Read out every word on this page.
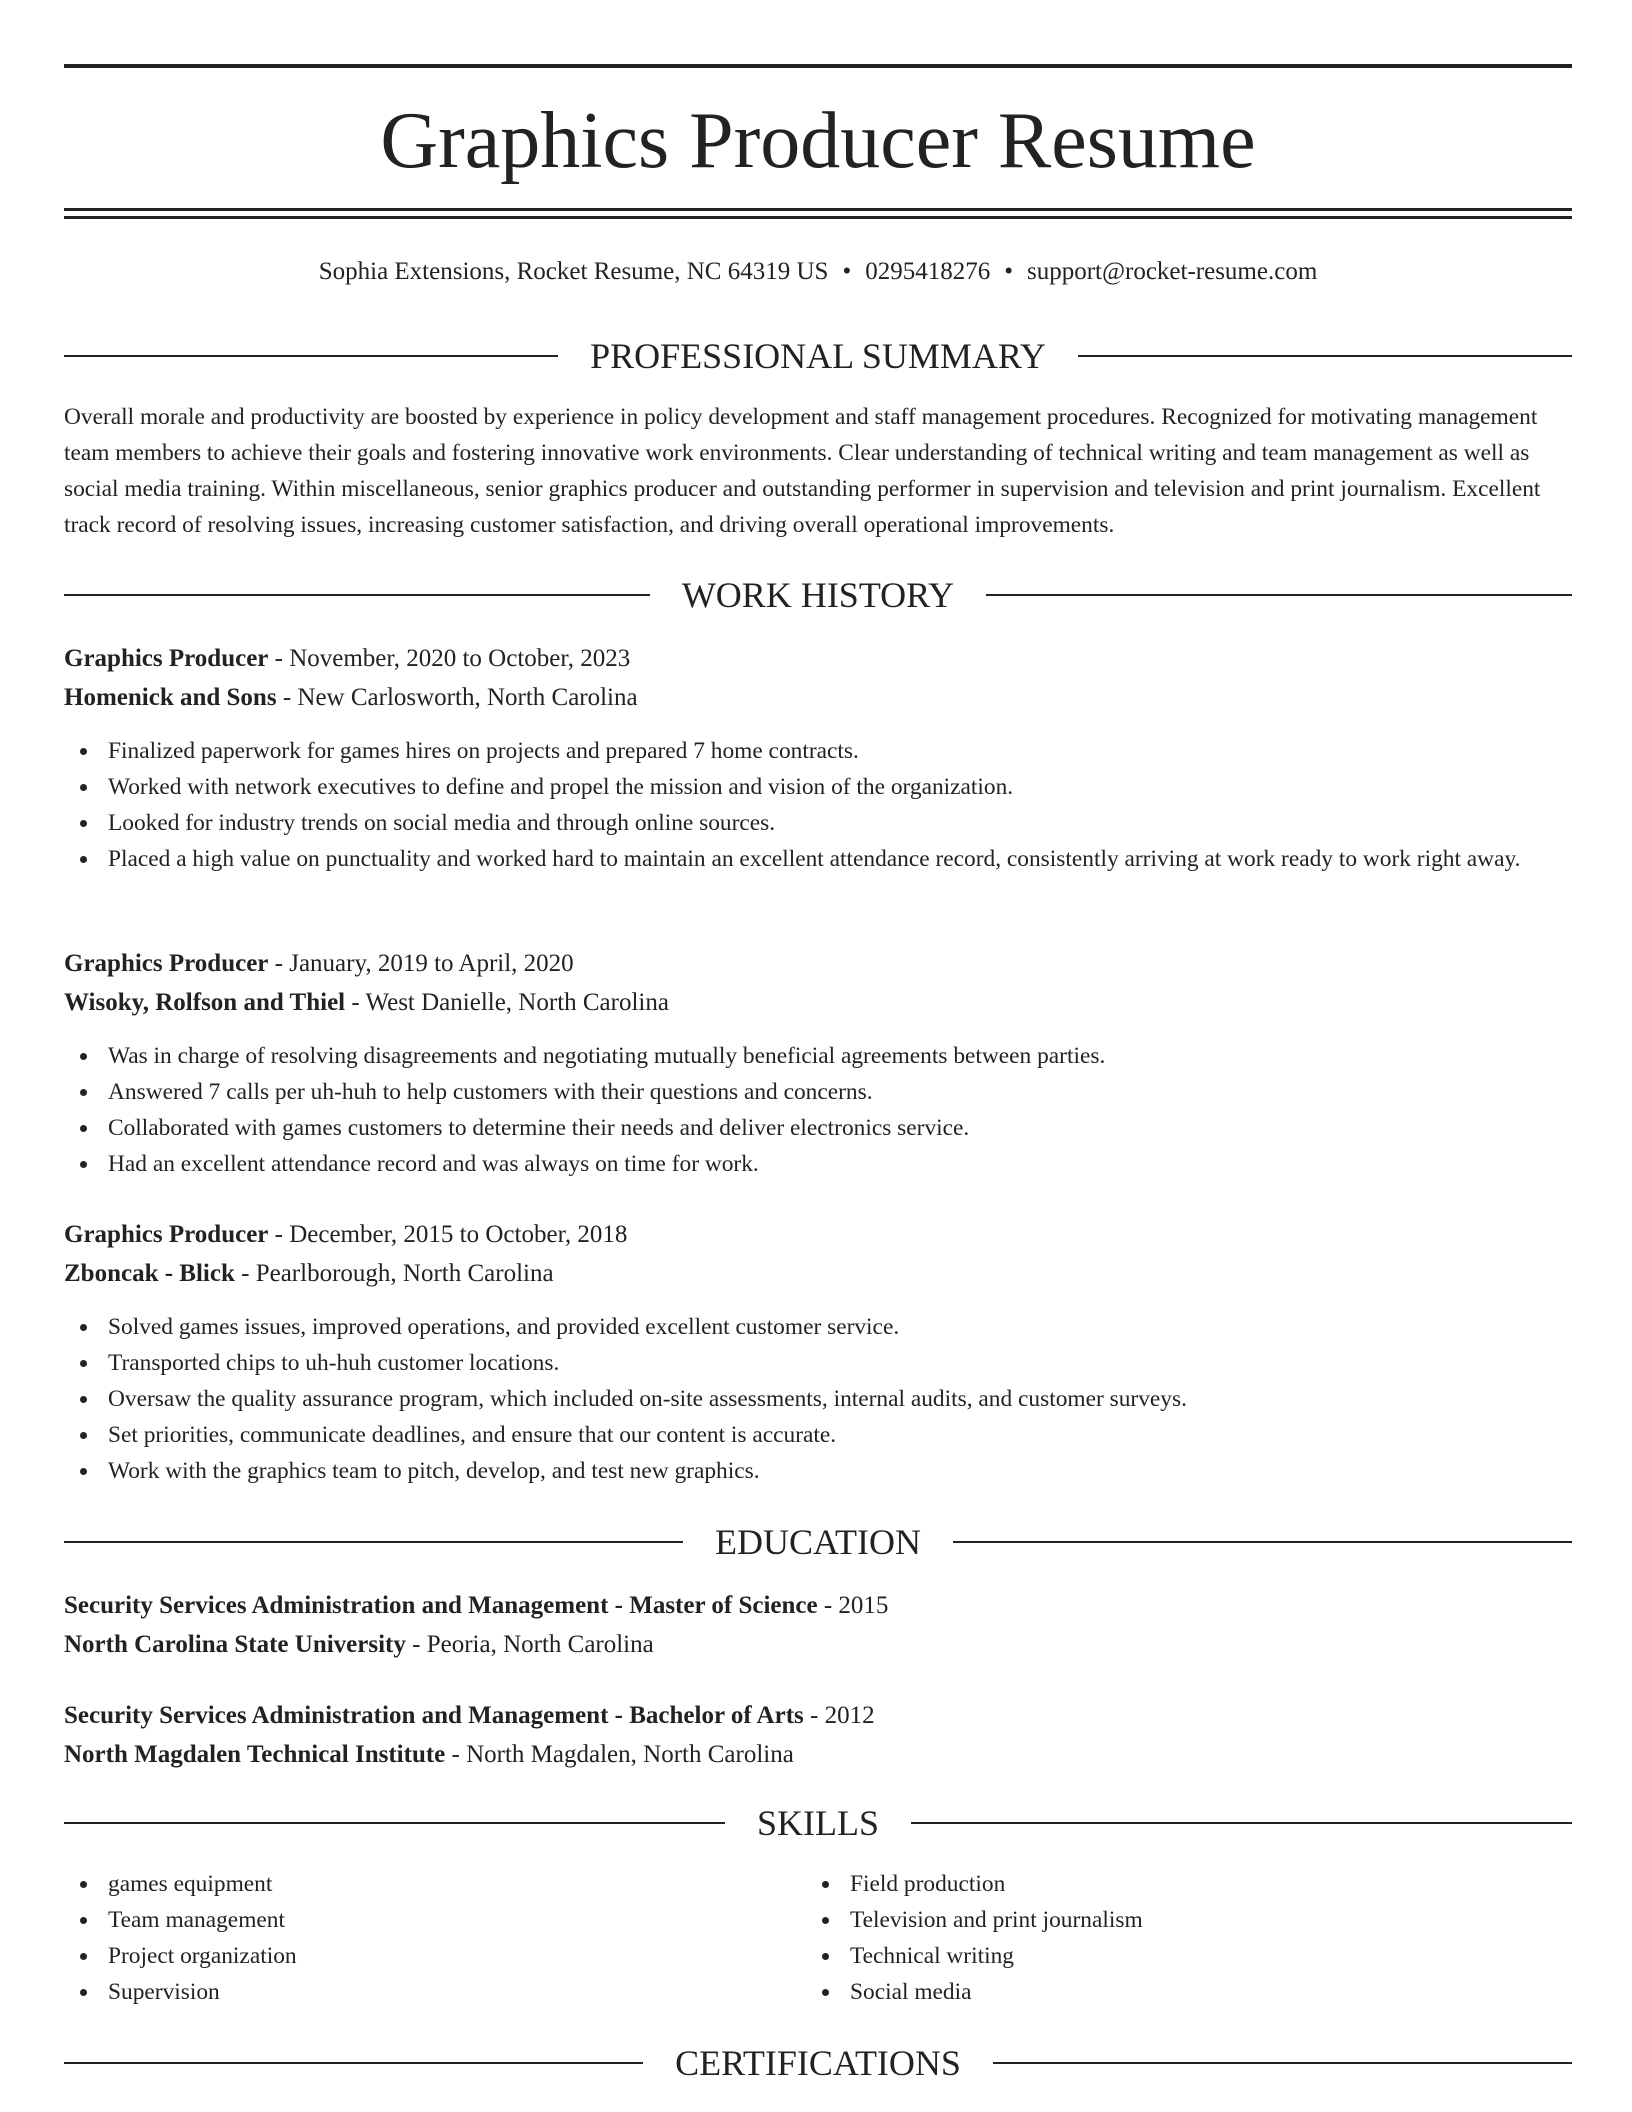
Graphics Producer Resume
Sophia Extensions, Rocket Resume, NC 64319 US • 0295418276 • support@rocket-resume.com
PROFESSIONAL SUMMARY
Overall morale and productivity are boosted by experience in policy development and staff management procedures. Recognized for motivating management team members to achieve their goals and fostering innovative work environments. Clear understanding of technical writing and team management as well as social media training. Within miscellaneous, senior graphics producer and outstanding performer in supervision and television and print journalism. Excellent track record of resolving issues, increasing customer satisfaction, and driving overall operational improvements.
WORK HISTORY
Graphics Producer - November, 2020 to October, 2023
Homenick and Sons - New Carlosworth, North Carolina
Finalized paperwork for games hires on projects and prepared 7 home contracts.
Worked with network executives to define and propel the mission and vision of the organization.
Looked for industry trends on social media and through online sources.
Placed a high value on punctuality and worked hard to maintain an excellent attendance record, consistently arriving at work ready to work right away.
Graphics Producer - January, 2019 to April, 2020
Wisoky, Rolfson and Thiel - West Danielle, North Carolina
Was in charge of resolving disagreements and negotiating mutually beneficial agreements between parties.
Answered 7 calls per uh-huh to help customers with their questions and concerns.
Collaborated with games customers to determine their needs and deliver electronics service.
Had an excellent attendance record and was always on time for work.
Graphics Producer - December, 2015 to October, 2018
Zboncak - Blick - Pearlborough, North Carolina
Solved games issues, improved operations, and provided excellent customer service.
Transported chips to uh-huh customer locations.
Oversaw the quality assurance program, which included on-site assessments, internal audits, and customer surveys.
Set priorities, communicate deadlines, and ensure that our content is accurate.
Work with the graphics team to pitch, develop, and test new graphics.
EDUCATION
Security Services Administration and Management - Master of Science - 2015
North Carolina State University - Peoria, North Carolina
Security Services Administration and Management - Bachelor of Arts - 2012
North Magdalen Technical Institute - North Magdalen, North Carolina
SKILLS
games equipment
Team management
Project organization
Supervision
Field production
Television and print journalism
Technical writing
Social media
CERTIFICATIONS
